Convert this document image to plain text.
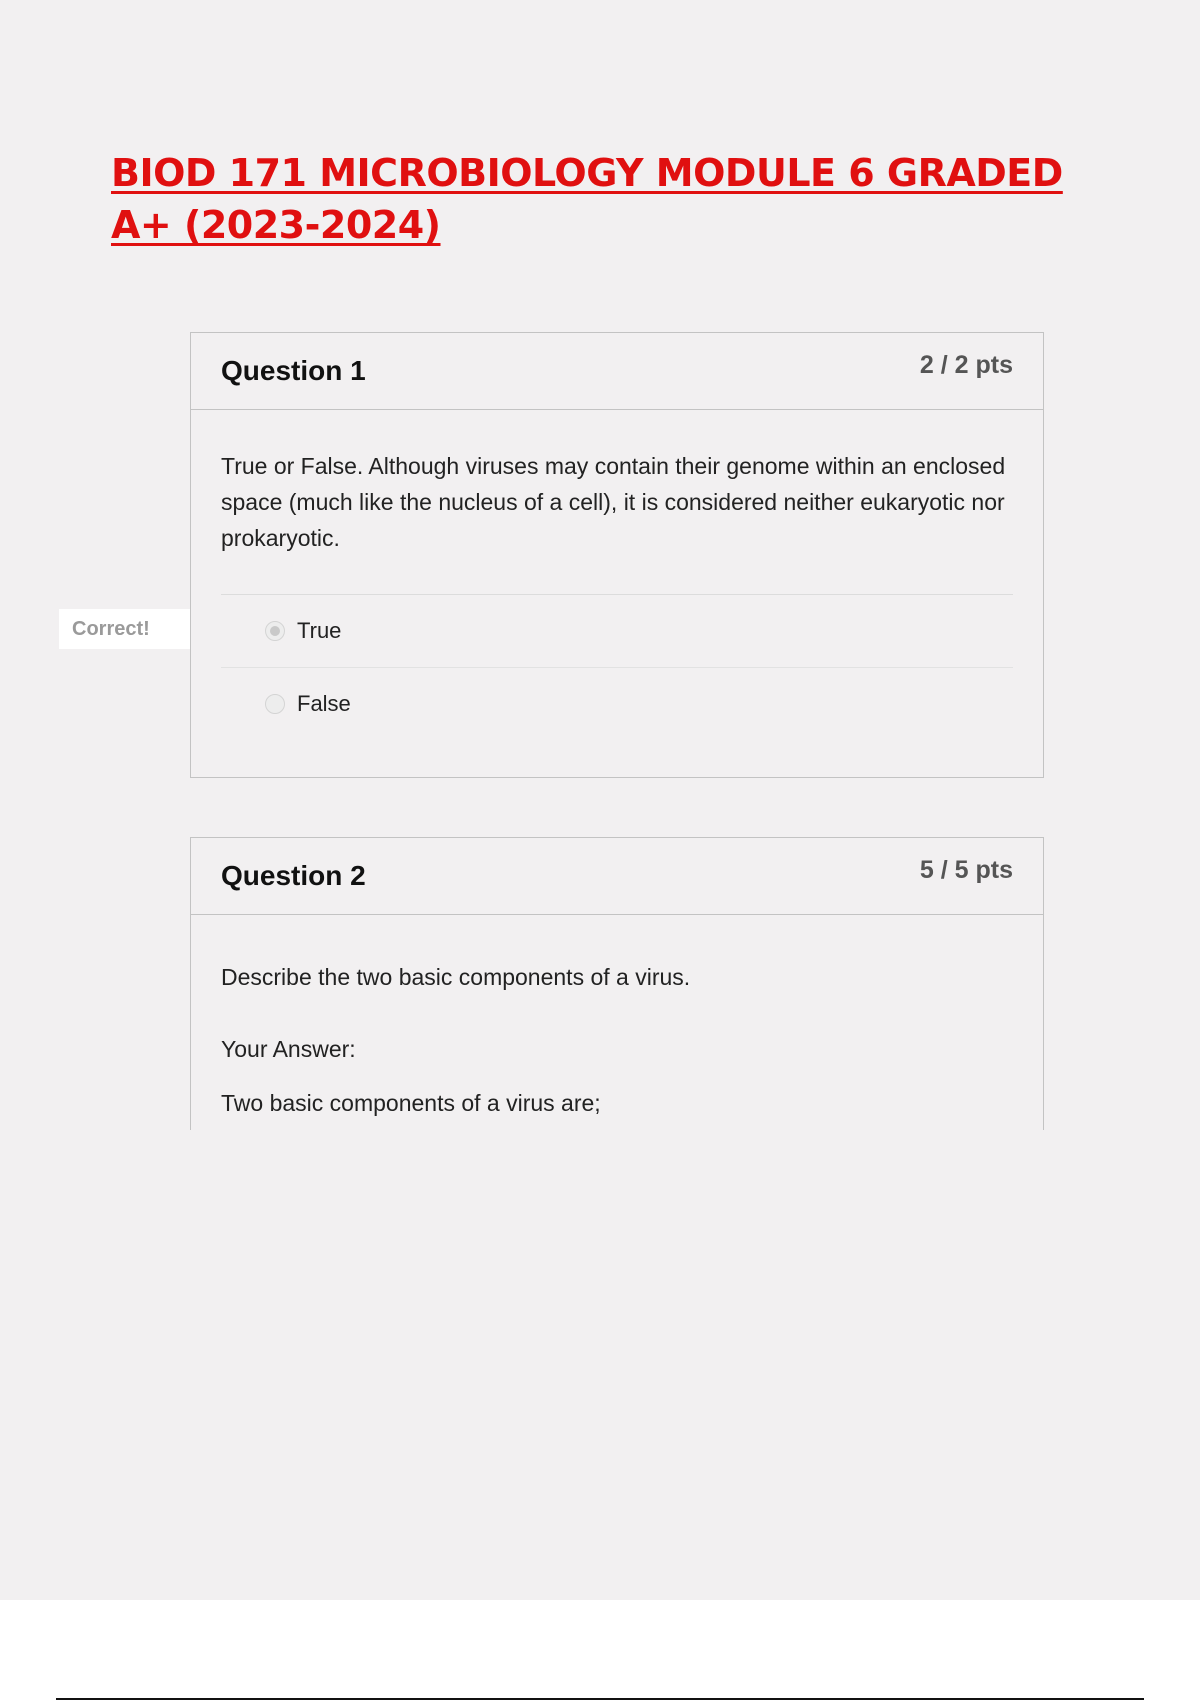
BIOD 171 MICROBIOLOGY MODULE 6 GRADED A+ (2023-2024)
Correct!
Question 1	2 / 2 pts

True or False. Although viruses may contain their genome within an enclosed space (much like the nucleus of a cell), it is considered neither eukaryotic nor prokaryotic.

True
False
Question 2	5 / 5 pts

Describe the two basic components of a virus.

Your Answer:

Two basic components of a virus are;
